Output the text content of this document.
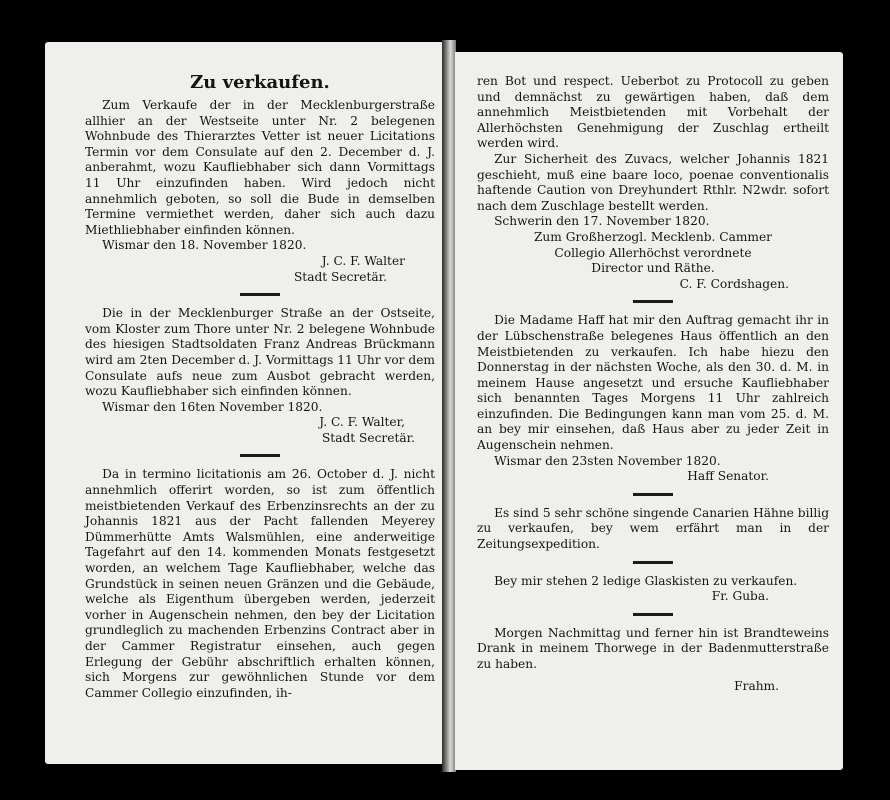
Zu verkaufen.

Zum Verkaufe der in der Mecklenburgerstraße allhier an der Westseite unter Nr. 2 belegenen Wohnbude des Thierarztes Vetter ist neuer Licitations Termin vor dem Consulate auf den 2. December d. J. anberahmt, wozu Kaufliebhaber sich dann Vormittags 11 Uhr einzufinden haben. Wird jedoch nicht annehmlich geboten, so soll die Bude in demselben Termine vermiethet werden, daher sich auch dazu Miethliebhaber einfinden können.

Wismar den 18. November 1820.

J. C. F. Walter

Stadt Secretär.

Die in der Mecklenburger Straße an der Ostseite, vom Kloster zum Thore unter Nr. 2 belegene Wohnbude des hiesigen Stadtsoldaten Franz Andreas Brückmann wird am 2ten December d. J. Vormittags 11 Uhr vor dem Consulate aufs neue zum Ausbot gebracht werden, wozu Kaufliebhaber sich einfinden können.

Wismar den 16ten November 1820.

J. C. F. Walter,

Stadt Secretär.

Da in termino licitationis am 26. October d. J. nicht annehmlich offerirt worden, so ist zum öffentlich meistbietenden Verkauf des Erbenzinsrechts an der zu Johannis 1821 aus der Pacht fallenden Meyerey Dümmerhütte Amts Walsmühlen, eine anderweitige Tagefahrt auf den 14. kommenden Monats festgesetzt worden, an welchem Tage Kaufliebhaber, welche das Grundstück in seinen neuen Gränzen und die Gebäude, welche als Eigenthum übergeben werden, jederzeit vorher in Augenschein nehmen, den bey der Licitation grundleglich zu machenden Erbenzins Contract aber in der Cammer Registratur einsehen, auch gegen Erlegung der Gebühr abschriftlich erhalten können, sich Morgens zur gewöhnlichen Stunde vor dem Cammer Collegio einzufinden, ih-

ren Bot und respect. Ueberbot zu Protocoll zu geben und demnächst zu gewärtigen haben, daß dem annehmlich Meistbietenden mit Vorbehalt der Allerhöchsten Genehmigung der Zuschlag ertheilt werden wird.

Zur Sicherheit des Zuvacs, welcher Johannis 1821 geschieht, muß eine baare loco, poenae conventionalis haftende Caution von Dreyhundert Rthlr. N2wdr. sofort nach dem Zuschlage bestellt werden.

Schwerin den 17. November 1820.

Zum Großherzogl. Mecklenb. Cammer

Collegio Allerhöchst verordnete

Director und Räthe.

C. F. Cordshagen.

Die Madame Haff hat mir den Auftrag gemacht ihr in der Lübschenstraße belegenes Haus öffentlich an den Meistbietenden zu verkaufen. Ich habe hiezu den Donnerstag in der nächsten Woche, als den 30. d. M. in meinem Hause angesetzt und ersuche Kaufliebhaber sich benannten Tages Morgens 11 Uhr zahlreich einzufinden. Die Bedingungen kann man vom 25. d. M. an bey mir einsehen, daß Haus aber zu jeder Zeit in Augenschein nehmen.

Wismar den 23sten November 1820.

Haff Senator.

Es sind 5 sehr schöne singende Canarien Hähne billig zu verkaufen, bey wem erfährt man in der Zeitungsexpedition.

Bey mir stehen 2 ledige Glaskisten zu verkaufen.

Fr. Guba.

Morgen Nachmittag und ferner hin ist Brandteweins Drank in meinem Thorwege in der Badenmutterstraße zu haben.

Frahm.
